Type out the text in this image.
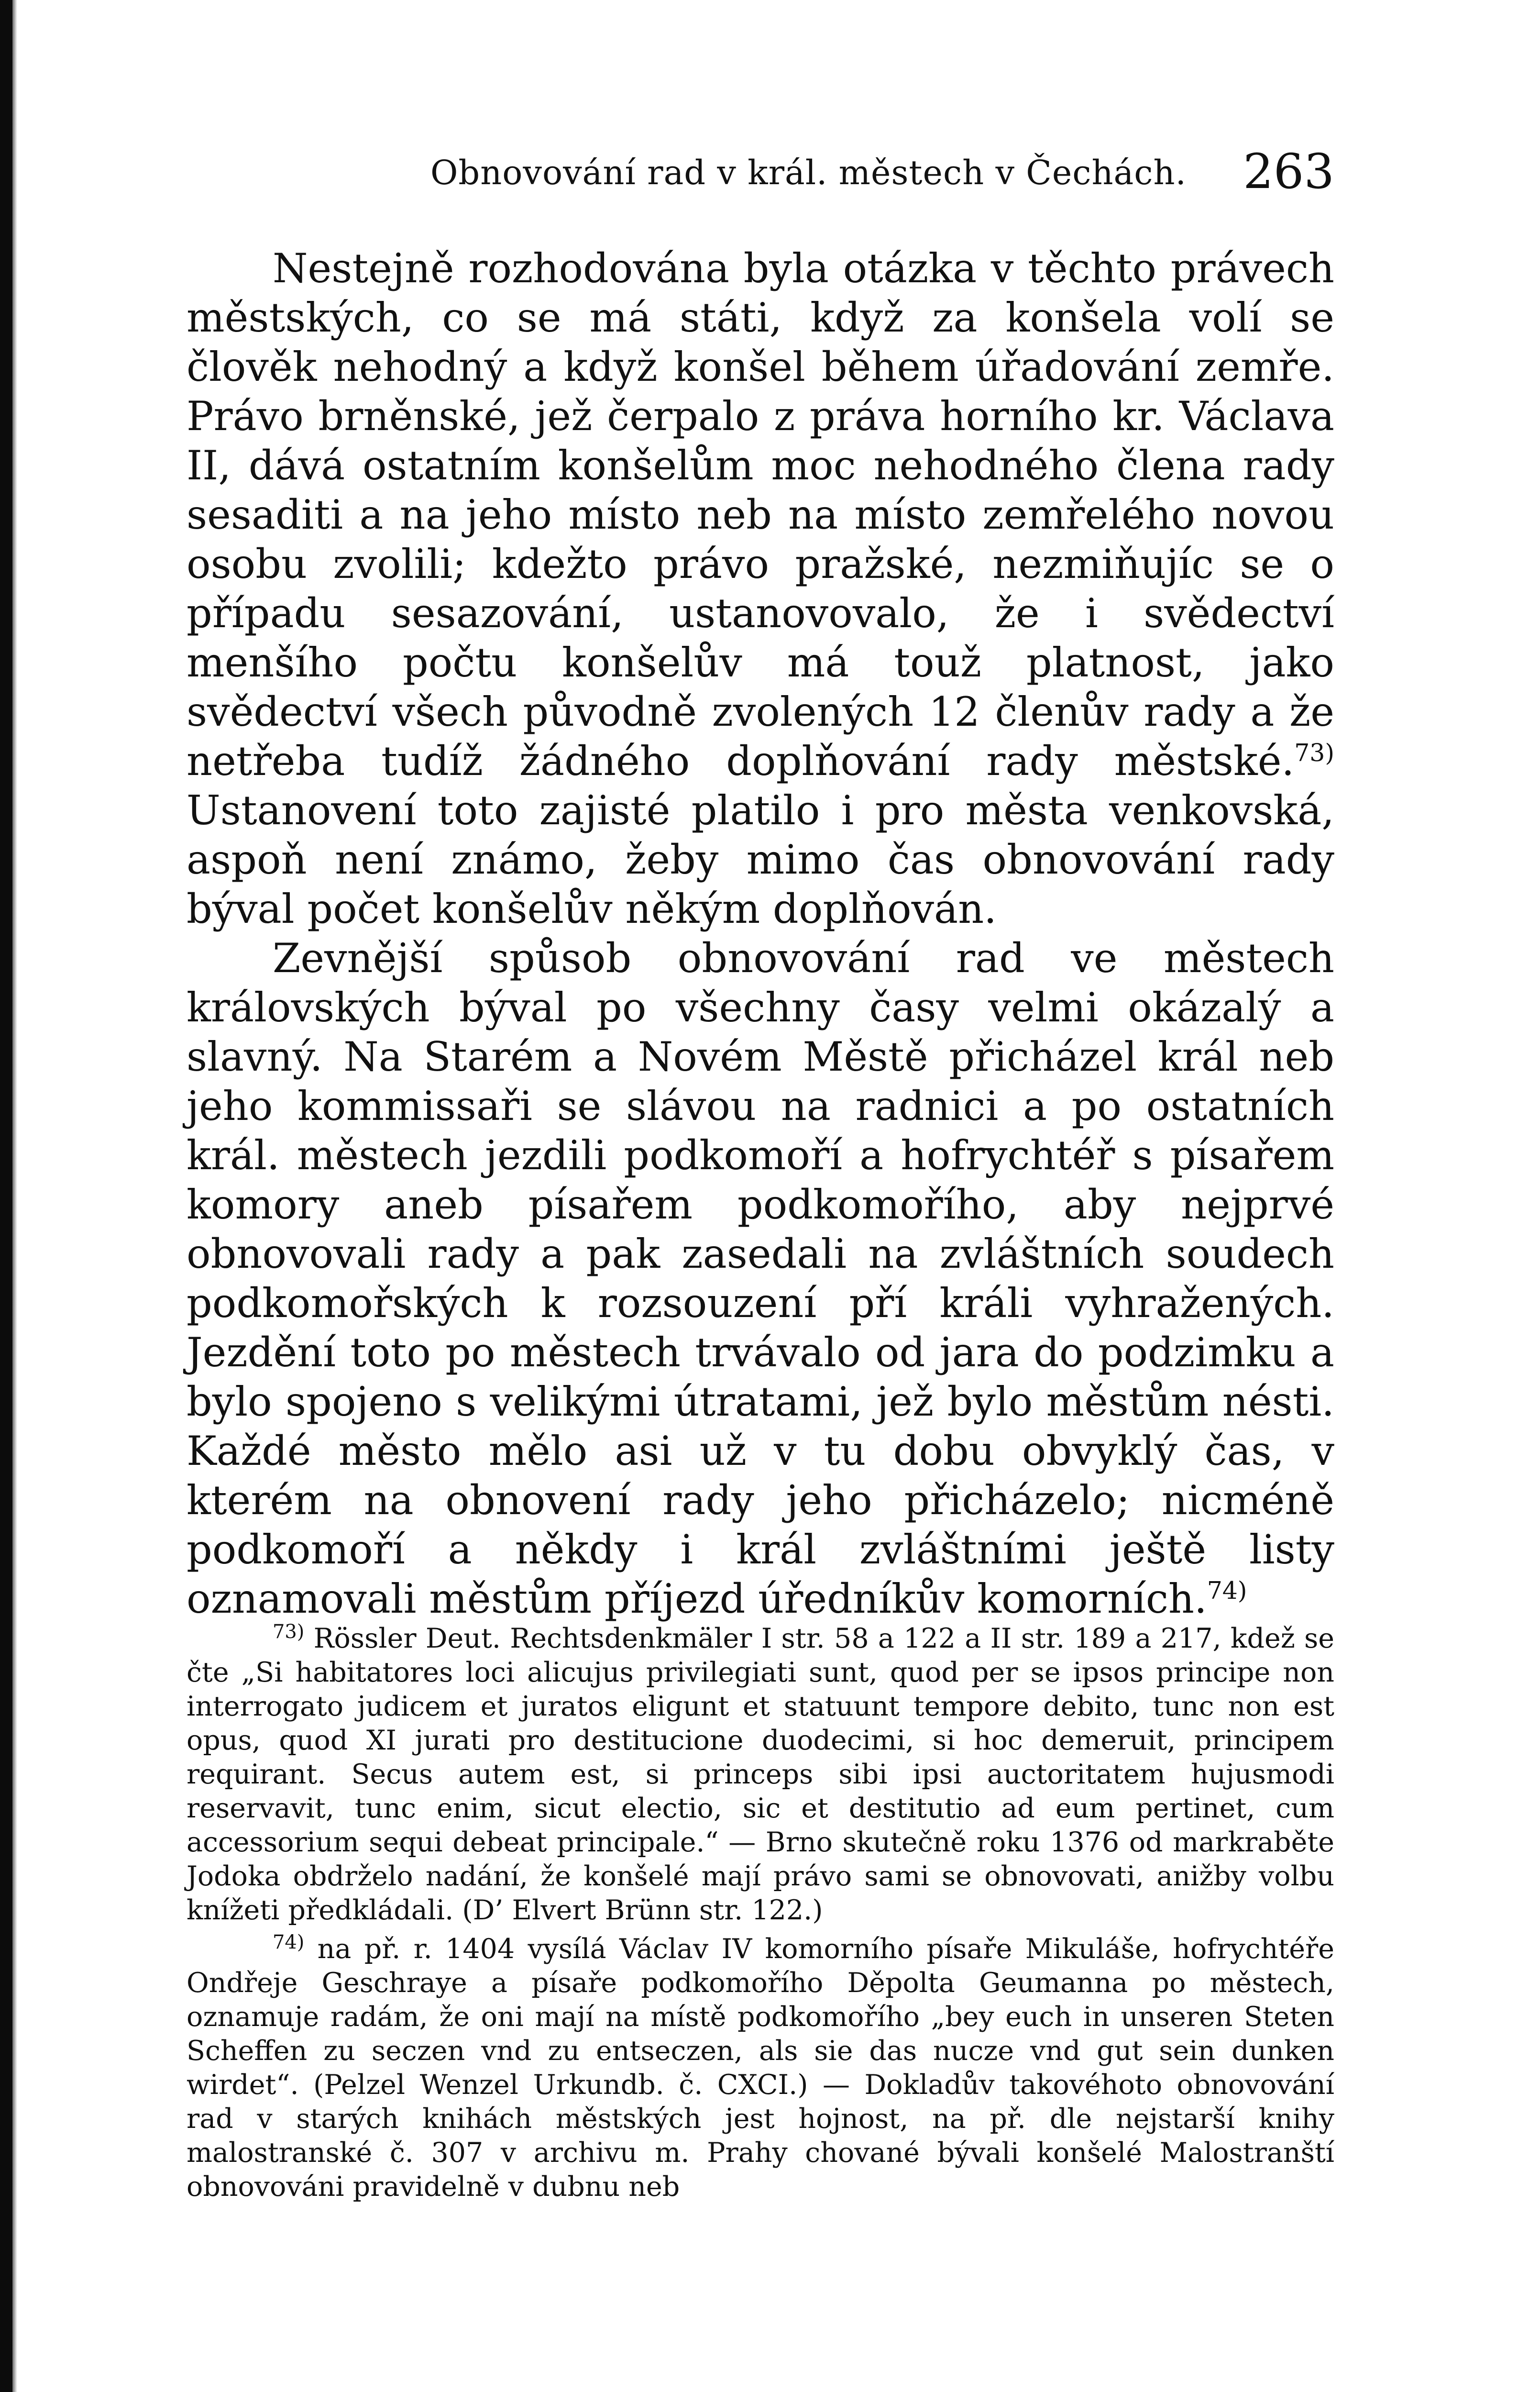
Obnovování rad v král. městech v Čechách. 263

Nestejně rozhodována byla otázka v těchto právech městských, co se má státi, když za konšela volí se člověk nehodný a když konšel během úřadování zemře. Právo brněnské, jež čerpalo z práva horního kr. Václava II, dává ostatním konšelům moc nehodného člena rady sesaditi a na jeho místo neb na místo zemřelého novou osobu zvolili; kdežto právo pražské, nezmiňujíc se o případu sesazování, ustanovovalo, že i svědectví menšího počtu konšelův má touž platnost, jako svědectví všech původně zvolených 12 členův rady a že netřeba tudíž žádného doplňování rady městské.$^{73)}$ Ustanovení toto zajisté platilo i pro města venkovská, aspoň není známo, žeby mimo čas obnovování rady býval počet konšelův někým doplňován.

Zevnější spůsob obnovování rad ve městech královských býval po všechny časy velmi okázalý a slavný. Na Starém a Novém Městě přicházel král neb jeho kommissaři se slávou na radnici a po ostatních král. městech jezdili podkomoří a hofrychtéř s písařem komory aneb písařem podkomořího, aby nejprvé obnovovali rady a pak zasedali na zvláštních soudech podkomořských k rozsouzení pří králi vyhražených. Jezdění toto po městech trvávalo od jara do podzimku a bylo spojeno s velikými útratami, jež bylo městům nésti. Každé město mělo asi už v tu dobu obvyklý čas, v kterém na obnovení rady jeho přicházelo; nicméně podkomoří a někdy i král zvláštními ještě listy oznamovali městům příjezd úředníkův komorních.$^{74)}$

$^{73)}$ Rössler Deut. Rechtsdenkmäler I str. 58 a 122 a II str. 189 a 217, kdež se čte „Si habitatores loci alicujus privilegiati sunt, quod per se ipsos principe non interrogato judicem et juratos eligunt et statuunt tempore debito, tunc non est opus, quod XI jurati pro destitucione duodecimi, si hoc demeruit, principem requirant. Secus autem est, si princeps sibi ipsi auctoritatem hujusmodi reservavit, tunc enim, sicut electio, sic et destitutio ad eum pertinet, cum accessorium sequi debeat principale.“ — Brno skutečně roku 1376 od markraběte Jodoka obdrželo nadání, že konšelé mají právo sami se obnovovati, anižby volbu knížeti předkládali. (D’ Elvert Brünn str. 122.)

$^{74)}$ na př. r. 1404 vysílá Václav IV komorního písaře Mikuláše, hofrychtéře Ondřeje Geschraye a písaře podkomořího Děpolta Geumanna po městech, oznamuje radám, že oni mají na místě podkomořího „bey euch in unseren Steten Scheffen zu seczen vnd zu entseczen, als sie das nucze vnd gut sein dunken wirdet“. (Pelzel Wenzel Urkundb. č. CXCI.) — Dokladův takovéhoto obnovování rad v starých knihách městských jest hojnost, na př. dle nejstarší knihy malostranské č. 307 v archivu m. Prahy chované bývali konšelé Malostranští obnovováni pravidelně v dubnu neb
